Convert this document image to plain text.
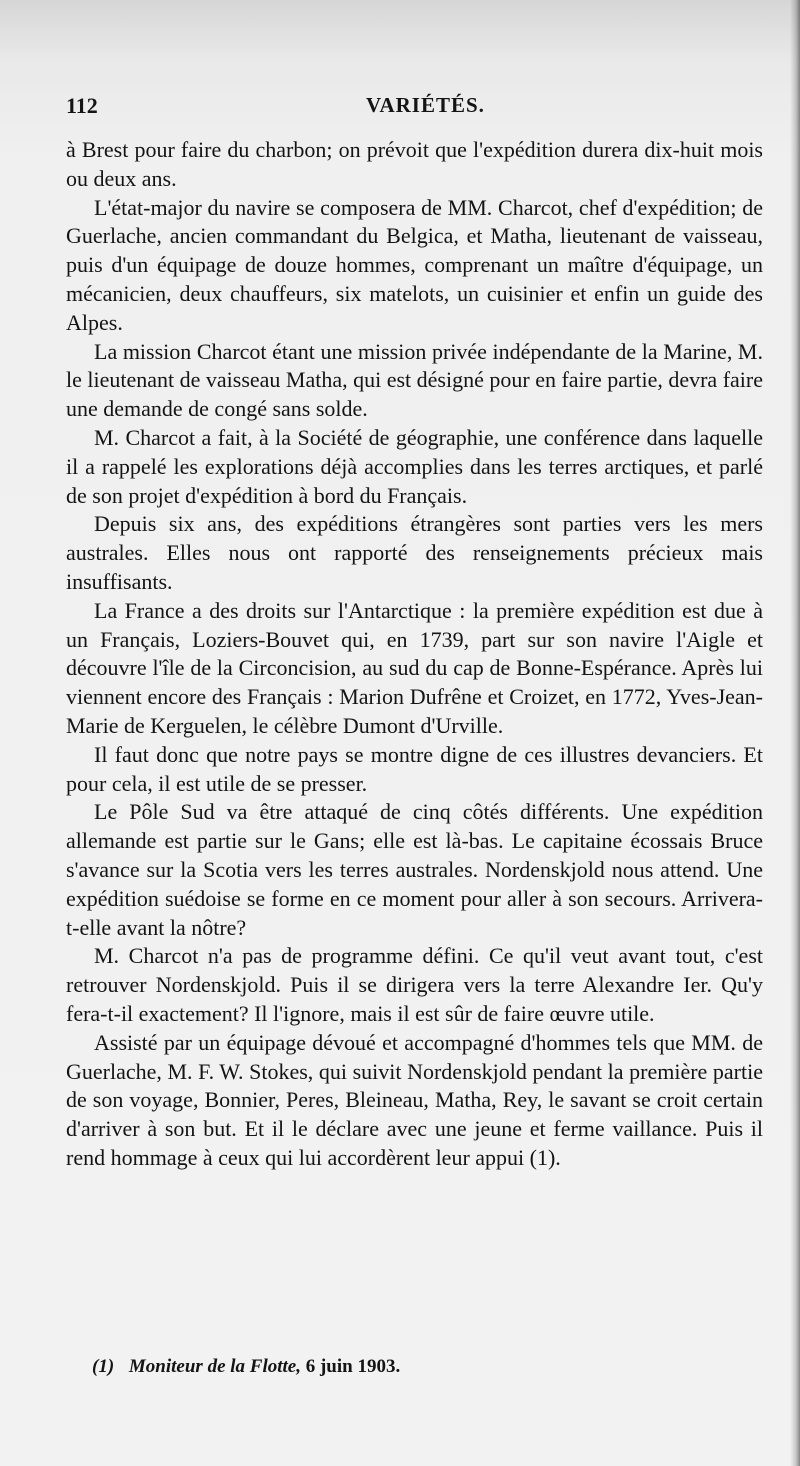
112	VARIÉTÉS.

à Brest pour faire du charbon; on prévoit que l'expédition durera dix-huit mois ou deux ans.

L'état-major du navire se composera de MM. Charcot, chef d'expédition; de Guerlache, ancien commandant du Belgica, et Matha, lieutenant de vaisseau, puis d'un équipage de douze hommes, comprenant un maître d'équipage, un mécanicien, deux chauffeurs, six matelots, un cuisinier et enfin un guide des Alpes.

La mission Charcot étant une mission privée indépendante de la Marine, M. le lieutenant de vaisseau Matha, qui est désigné pour en faire partie, devra faire une demande de congé sans solde.

M. Charcot a fait, à la Société de géographie, une conférence dans laquelle il a rappelé les explorations déjà accomplies dans les terres arctiques, et parlé de son projet d'expédition à bord du Français.

Depuis six ans, des expéditions étrangères sont parties vers les mers australes. Elles nous ont rapporté des renseignements précieux mais insuffisants.

La France a des droits sur l'Antarctique : la première expédition est due à un Français, Loziers-Bouvet qui, en 1739, part sur son navire l'Aigle et découvre l'île de la Circoncision, au sud du cap de Bonne-Espérance. Après lui viennent encore des Français : Marion Dufrêne et Croizet, en 1772, Yves-Jean-Marie de Kerguelen, le célèbre Dumont d'Urville.

Il faut donc que notre pays se montre digne de ces illustres devanciers. Et pour cela, il est utile de se presser.

Le Pôle Sud va être attaqué de cinq côtés différents. Une expédition allemande est partie sur le Gans; elle est là-bas. Le capitaine écossais Bruce s'avance sur la Scotia vers les terres australes. Nordenskjold nous attend. Une expédition suédoise se forme en ce moment pour aller à son secours. Arrivera-t-elle avant la nôtre?

M. Charcot n'a pas de programme défini. Ce qu'il veut avant tout, c'est retrouver Nordenskjold. Puis il se dirigera vers la terre Alexandre Ier. Qu'y fera-t-il exactement? Il l'ignore, mais il est sûr de faire œuvre utile.

Assisté par un équipage dévoué et accompagné d'hommes tels que MM. de Guerlache, M. F. W. Stokes, qui suivit Nordenskjold pendant la première partie de son voyage, Bonnier, Peres, Bleineau, Matha, Rey, le savant se croit certain d'arriver à son but. Et il le déclare avec une jeune et ferme vaillance. Puis il rend hommage à ceux qui lui accordèrent leur appui (1).

(1) Moniteur de la Flotte, 6 juin 1903.
